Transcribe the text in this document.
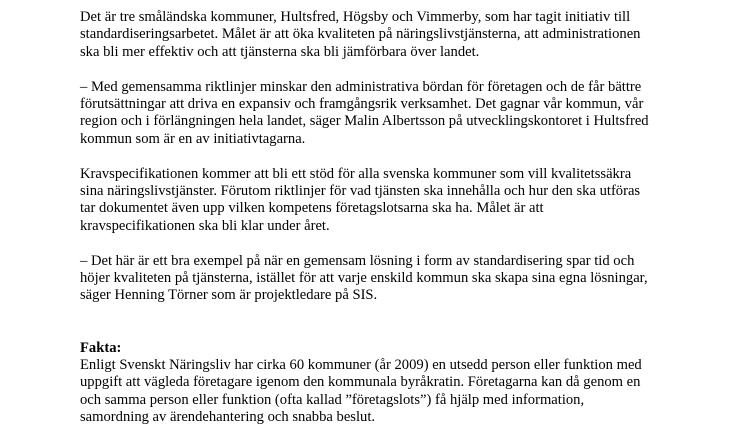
Det är tre småländska kommuner, Hultsfred, Högsby och Vimmerby, som har tagit initiativ till
standardiseringsarbetet. Målet är att öka kvaliteten på näringslivstjänsterna, att administrationen
ska bli mer effektiv och att tjänsterna ska bli jämförbara över landet.

– Med gemensamma riktlinjer minskar den administrativa bördan för företagen och de får bättre
förutsättningar att driva en expansiv och framgångsrik verksamhet. Det gagnar vår kommun, vår
region och i förlängningen hela landet, säger Malin Albertsson på utvecklingskontoret i Hultsfred
kommun som är en av initiativtagarna.

Kravspecifikationen kommer att bli ett stöd för alla svenska kommuner som vill kvalitetssäkra
sina näringslivstjänster. Förutom riktlinjer för vad tjänsten ska innehålla och hur den ska utföras
tar dokumentet även upp vilken kompetens företagslotsarna ska ha. Målet är att
kravspecifikationen ska bli klar under året.

– Det här är ett bra exempel på när en gemensam lösning i form av standardisering spar tid och
höjer kvaliteten på tjänsterna, istället för att varje enskild kommun ska skapa sina egna lösningar,
säger Henning Törner som är projektledare på SIS.

Fakta:

Enligt Svenskt Näringsliv har cirka 60 kommuner (år 2009) en utsedd person eller funktion med
uppgift att vägleda företagare igenom den kommunala byråkratin. Företagarna kan då genom en
och samma person eller funktion (ofta kallad ”företagslots”) få hjälp med information,
samordning av ärendehantering och snabba beslut.
